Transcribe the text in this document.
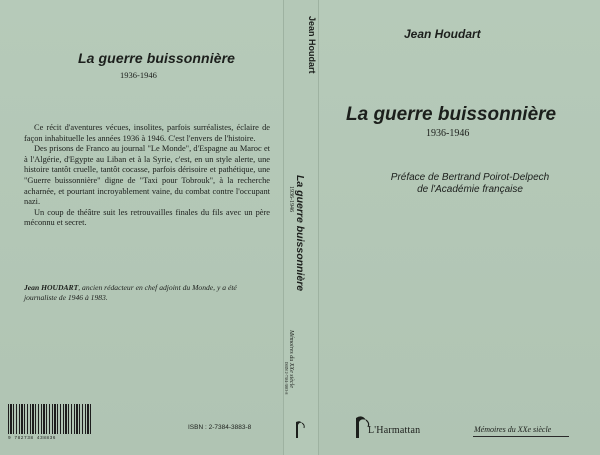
La guerre buissonnière
1936-1946

Ce récit d'aventures vécues, insolites, parfois surréalistes, éclaire de façon inhabituelle les années 1936 à 1946. C'est l'envers de l'histoire.

Des prisons de Franco au journal "Le Monde", d'Espagne au Maroc et à l'Algérie, d'Egypte au Liban et à la Syrie, c'est, en un style alerte, une histoire tantôt cruelle, tantôt cocasse, parfois dérisoire et pathétique, une "Guerre buissonnière" digne de "Taxi pour Tobrouk", à la recherche acharnée, et pourtant incroyablement vaine, du combat contre l'occupant nazi.

Un coup de théâtre suit les retrouvailles finales du fils avec un père méconnu et secret.

Jean HOUDART, ancien rédacteur en chef adjoint du Monde, y a été journaliste de 1946 à 1983.
9 782738 438836
ISBN : 2-7384-3883-8
Jean Houdart
La guerre buissonnière
1936-1946
Mémoires du XXe siècle
ISBN 2-7384-3883-8
Jean Houdart
La guerre buissonnière
1936-1946
Préface de Bertrand Poirot-Delpech
de l'Académie française
L'Harmattan	Mémoires du XXe siècle
